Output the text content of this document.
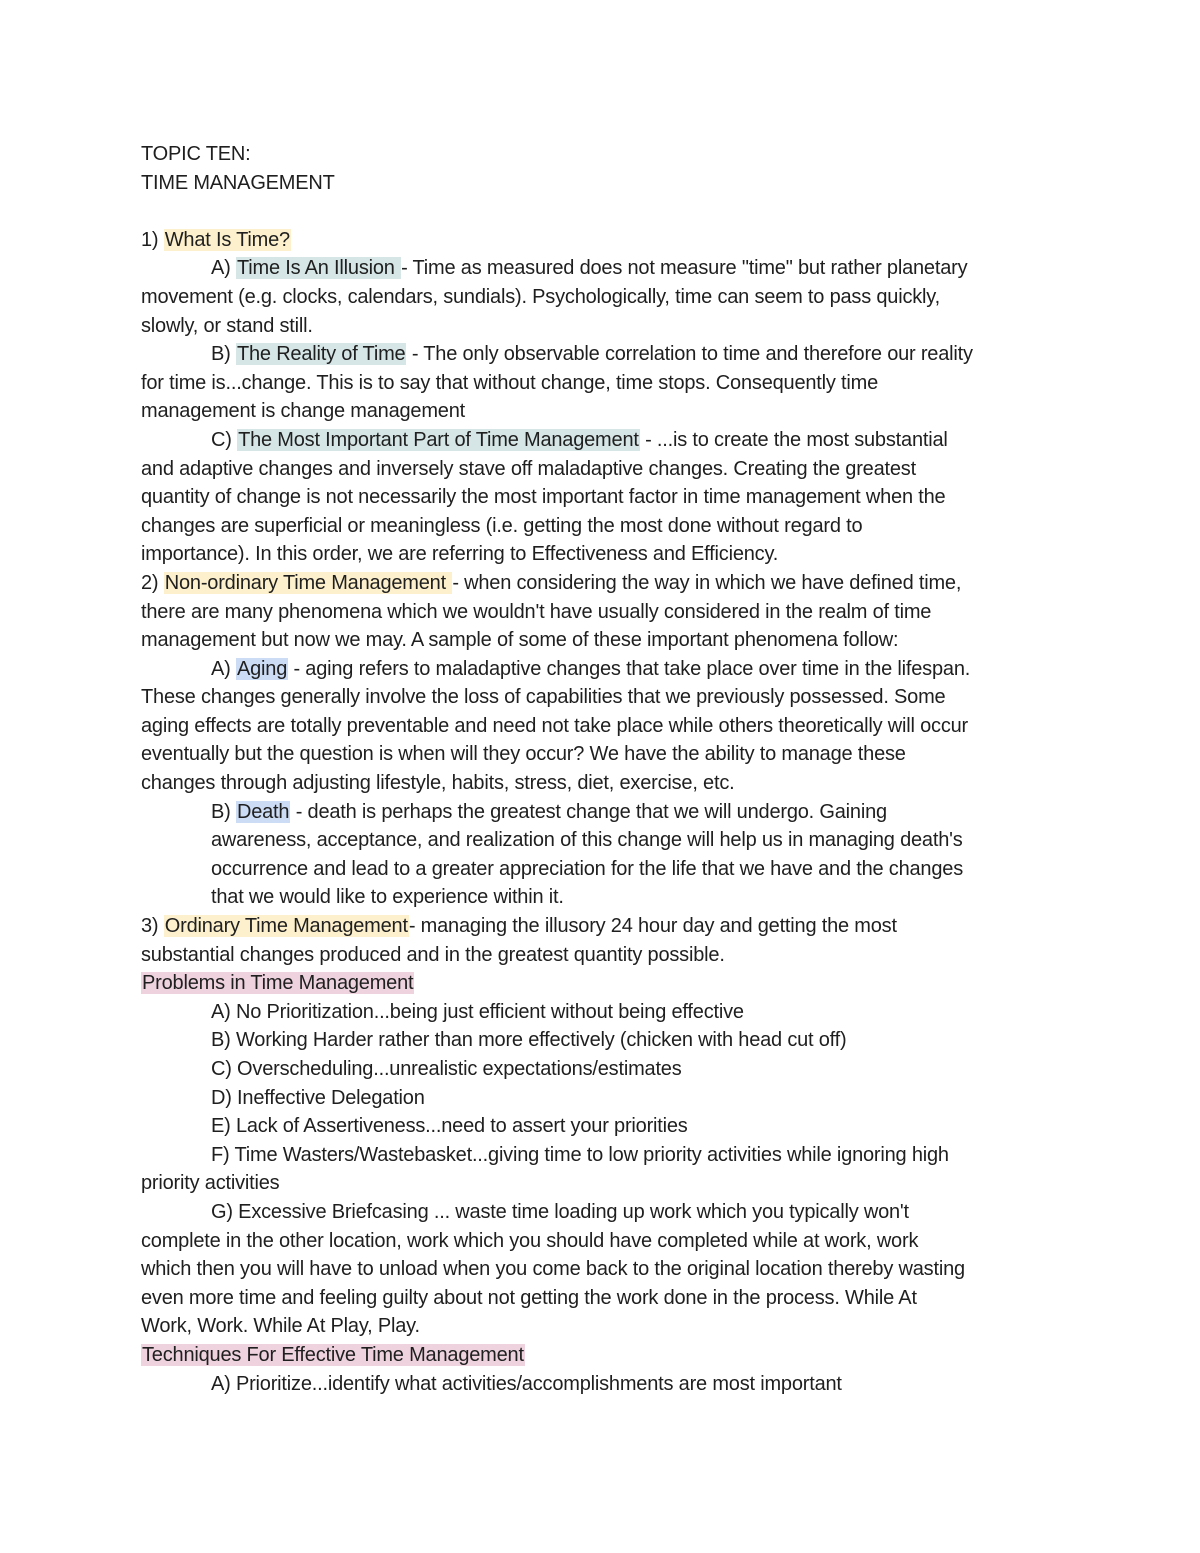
TOPIC TEN:
TIME MANAGEMENT
1) What Is Time?
A) Time Is An Illusion - Time as measured does not measure "time" but rather planetary
movement (e.g. clocks, calendars, sundials). Psychologically, time can seem to pass quickly,
slowly, or stand still.
B) The Reality of Time - The only observable correlation to time and therefore our reality
for time is...change. This is to say that without change, time stops. Consequently time
management is change management
C) The Most Important Part of Time Management - ...is to create the most substantial
and adaptive changes and inversely stave off maladaptive changes. Creating the greatest
quantity of change is not necessarily the most important factor in time management when the
changes are superficial or meaningless (i.e. getting the most done without regard to
importance). In this order, we are referring to Effectiveness and Efficiency.
2) Non-ordinary Time Management - when considering the way in which we have defined time,
there are many phenomena which we wouldn't have usually considered in the realm of time
management but now we may. A sample of some of these important phenomena follow:
A) Aging - aging refers to maladaptive changes that take place over time in the lifespan.
These changes generally involve the loss of capabilities that we previously possessed. Some
aging effects are totally preventable and need not take place while others theoretically will occur
eventually but the question is when will they occur? We have the ability to manage these
changes through adjusting lifestyle, habits, stress, diet, exercise, etc.
B) Death - death is perhaps the greatest change that we will undergo. Gaining
awareness, acceptance, and realization of this change will help us in managing death's
occurrence and lead to a greater appreciation for the life that we have and the changes
that we would like to experience within it.
3) Ordinary Time Management- managing the illusory 24 hour day and getting the most
substantial changes produced and in the greatest quantity possible.
Problems in Time Management
A) No Prioritization...being just efficient without being effective
B) Working Harder rather than more effectively (chicken with head cut off)
C) Overscheduling...unrealistic expectations/estimates
D) Ineffective Delegation
E) Lack of Assertiveness...need to assert your priorities
F) Time Wasters/Wastebasket...giving time to low priority activities while ignoring high
priority activities
G) Excessive Briefcasing ... waste time loading up work which you typically won't
complete in the other location, work which you should have completed while at work, work
which then you will have to unload when you come back to the original location thereby wasting
even more time and feeling guilty about not getting the work done in the process. While At
Work, Work. While At Play, Play.
Techniques For Effective Time Management
A) Prioritize...identify what activities/accomplishments are most important
